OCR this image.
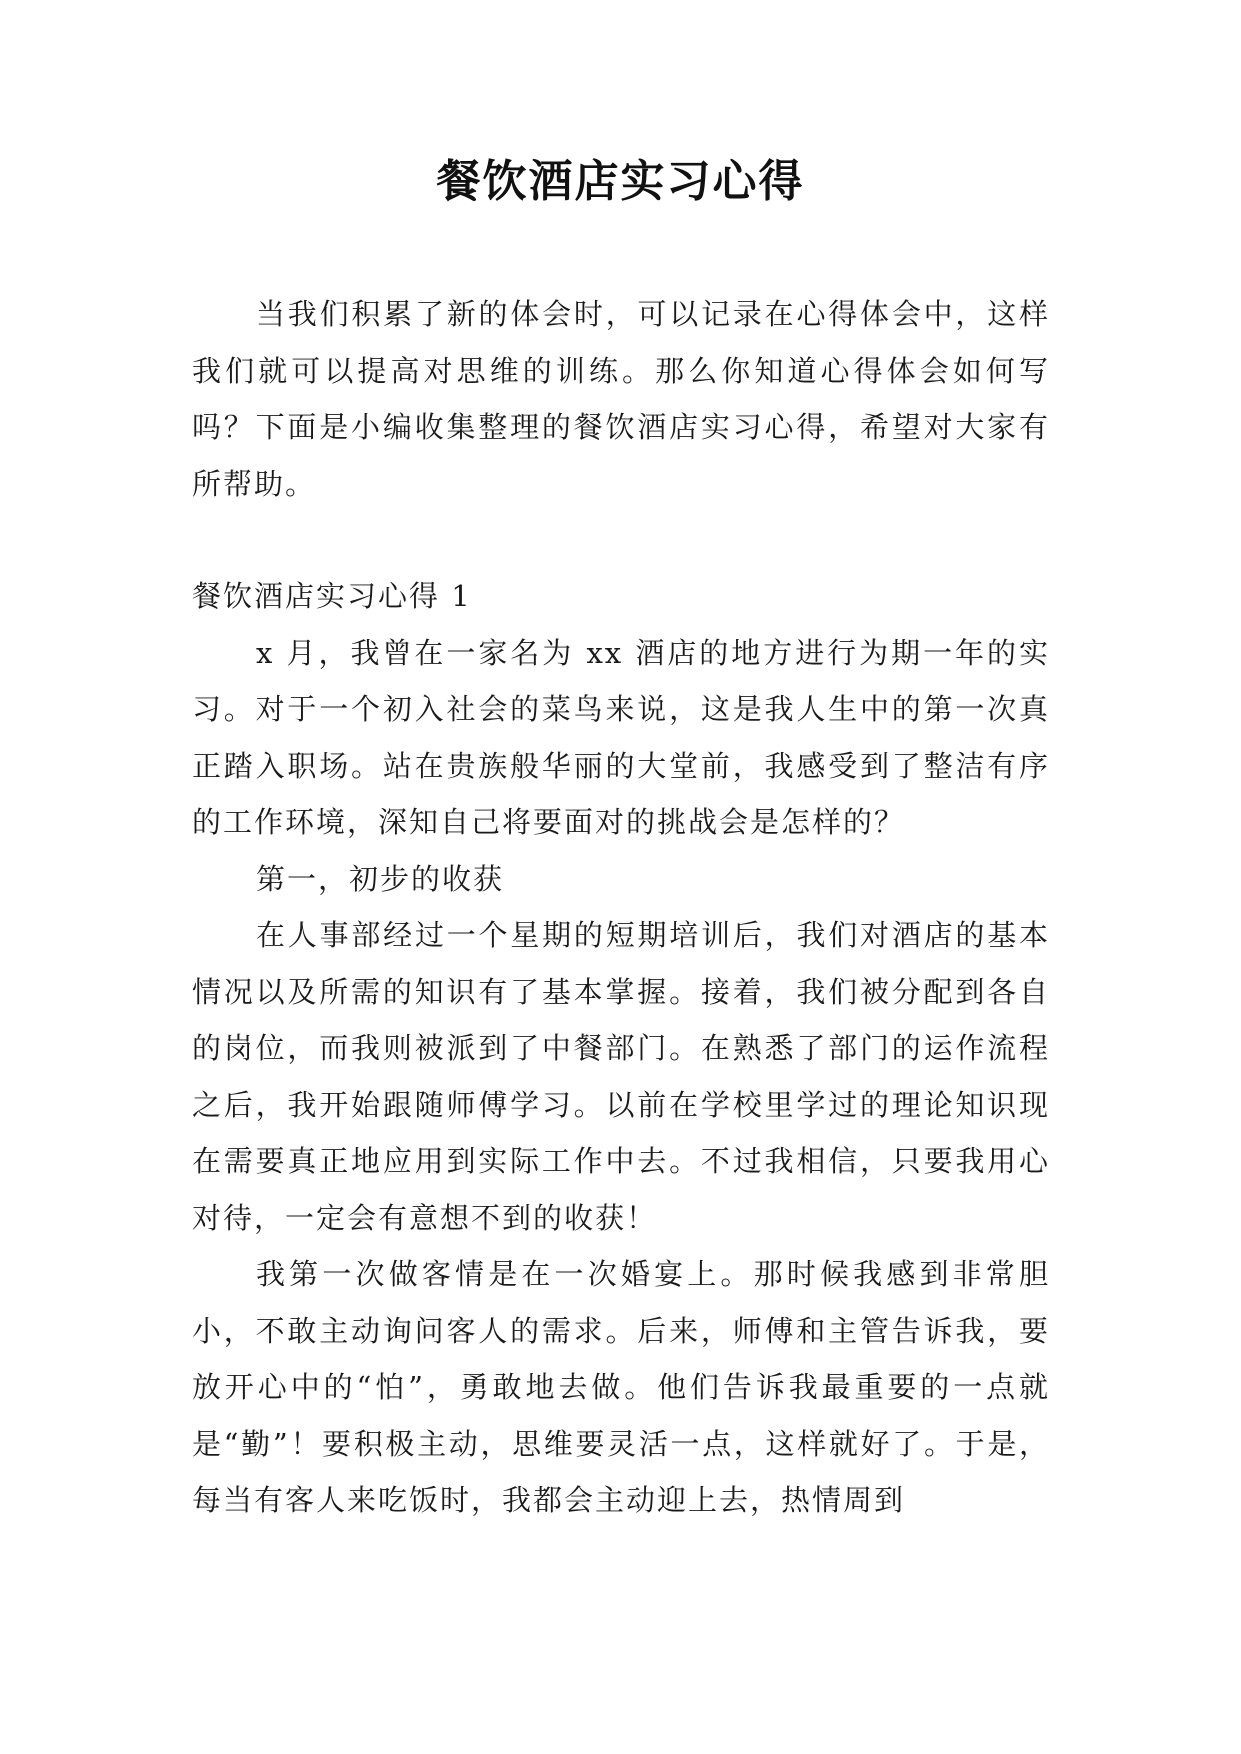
餐饮酒店实习心得

当我们积累了新的体会时，可以记录在心得体会中，这样我们就可以提高对思维的训练。那么你知道心得体会如何写吗？下面是小编收集整理的餐饮酒店实习心得，希望对大家有所帮助。

餐饮酒店实习心得 1

x 月，我曾在一家名为 xx 酒店的地方进行为期一年的实习。对于一个初入社会的菜鸟来说，这是我人生中的第一次真正踏入职场。站在贵族般华丽的大堂前，我感受到了整洁有序的工作环境，深知自己将要面对的挑战会是怎样的？

第一，初步的收获

在人事部经过一个星期的短期培训后，我们对酒店的基本情况以及所需的知识有了基本掌握。接着，我们被分配到各自的岗位，而我则被派到了中餐部门。在熟悉了部门的运作流程之后，我开始跟随师傅学习。以前在学校里学过的理论知识现在需要真正地应用到实际工作中去。不过我相信，只要我用心对待，一定会有意想不到的收获！

我第一次做客情是在一次婚宴上。那时候我感到非常胆小，不敢主动询问客人的需求。后来，师傅和主管告诉我，要放开心中的“怕”，勇敢地去做。他们告诉我最重要的一点就是“勤”！要积极主动，思维要灵活一点，这样就好了。于是，每当有客人来吃饭时，我都会主动迎上去，热情周到
